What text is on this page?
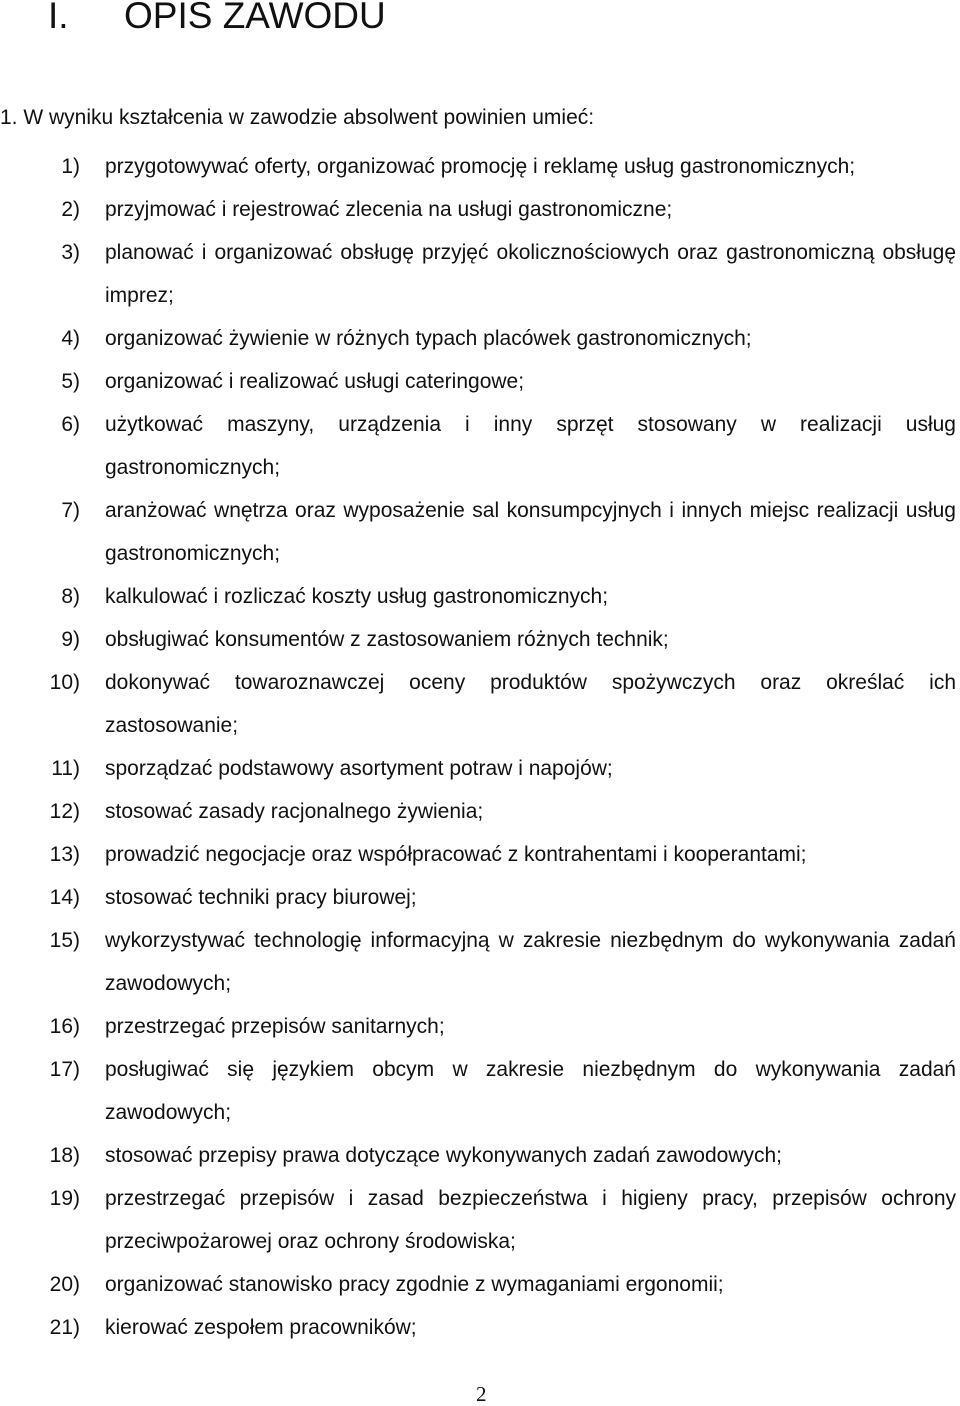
I. OPIS ZAWODU
1. W wyniku kształcenia w zawodzie absolwent powinien umieć:
1) przygotowywać oferty, organizować promocję i reklamę usług gastronomicznych;
2) przyjmować i rejestrować zlecenia na usługi gastronomiczne;
3) planować i organizować obsługę przyjęć okolicznościowych oraz gastronomiczną obsługę imprez;
4) organizować żywienie w różnych typach placówek gastronomicznych;
5) organizować i realizować usługi cateringowe;
6) użytkować maszyny, urządzenia i inny sprzęt stosowany w realizacji usług gastronomicznych;
7) aranżować wnętrza oraz wyposażenie sal konsumpcyjnych i innych miejsc realizacji usług gastronomicznych;
8) kalkulować i rozliczać koszty usług gastronomicznych;
9) obsługiwać konsumentów z zastosowaniem różnych technik;
10) dokonywać towaroznawczej oceny produktów spożywczych oraz określać ich zastosowanie;
11) sporządzać podstawowy asortyment potraw i napojów;
12) stosować zasady racjonalnego żywienia;
13) prowadzić negocjacje oraz współpracować z kontrahentami i kooperantami;
14) stosować techniki pracy biurowej;
15) wykorzystywać technologię informacyjną w zakresie niezbędnym do wykonywania zadań zawodowych;
16) przestrzegać przepisów sanitarnych;
17) posługiwać się językiem obcym w zakresie niezbędnym do wykonywania zadań zawodowych;
18) stosować przepisy prawa dotyczące wykonywanych zadań zawodowych;
19) przestrzegać przepisów i zasad bezpieczeństwa i higieny pracy, przepisów ochrony przeciwpożarowej oraz ochrony środowiska;
20) organizować stanowisko pracy zgodnie z wymaganiami ergonomii;
21) kierować zespołem pracowników;
2
